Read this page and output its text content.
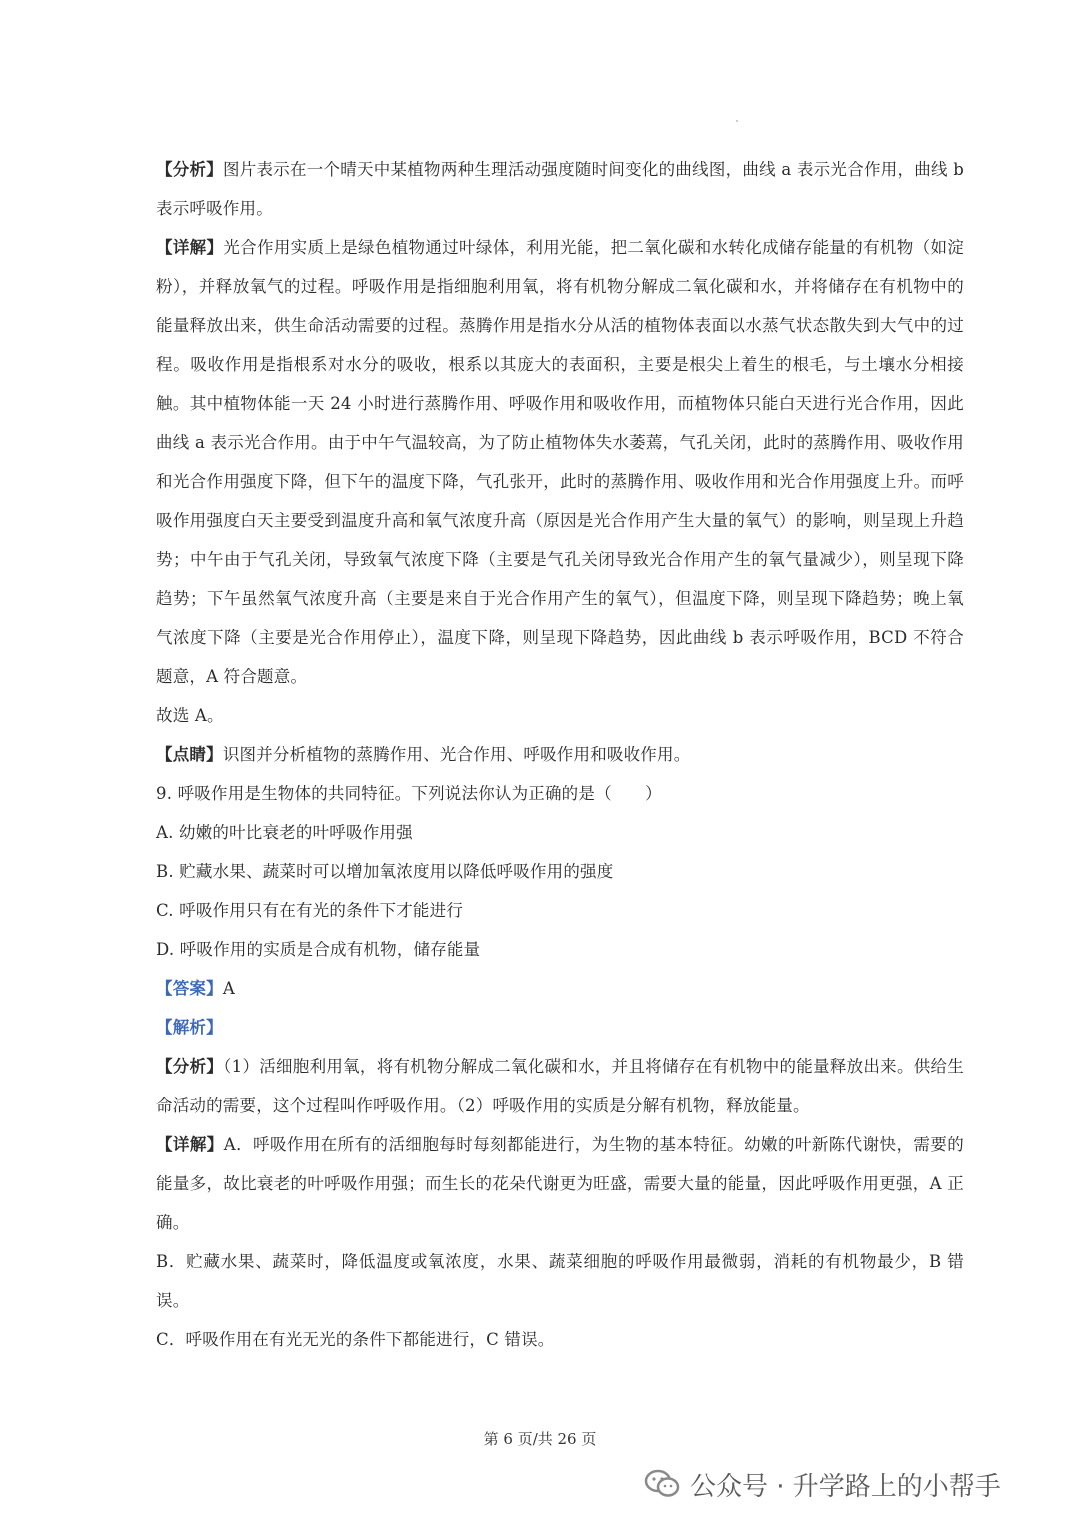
【分析】图片表示在一个晴天中某植物两种生理活动强度随时间变化的曲线图，曲线 a 表示光合作用，曲线 b 表示呼吸作用。

【详解】光合作用实质上是绿色植物通过叶绿体，利用光能，把二氧化碳和水转化成储存能量的有机物（如淀粉），并释放氧气的过程。呼吸作用是指细胞利用氧，将有机物分解成二氧化碳和水，并将储存在有机物中的能量释放出来，供生命活动需要的过程。蒸腾作用是指水分从活的植物体表面以水蒸气状态散失到大气中的过程。吸收作用是指根系对水分的吸收，根系以其庞大的表面积，主要是根尖上着生的根毛，与土壤水分相接触。其中植物体能一天 24 小时进行蒸腾作用、呼吸作用和吸收作用，而植物体只能白天进行光合作用，因此曲线 a 表示光合作用。由于中午气温较高，为了防止植物体失水萎蔫，气孔关闭，此时的蒸腾作用、吸收作用和光合作用强度下降，但下午的温度下降，气孔张开，此时的蒸腾作用、吸收作用和光合作用强度上升。而呼吸作用强度白天主要受到温度升高和氧气浓度升高（原因是光合作用产生大量的氧气）的影响，则呈现上升趋势；中午由于气孔关闭，导致氧气浓度下降（主要是气孔关闭导致光合作用产生的氧气量减少），则呈现下降趋势；下午虽然氧气浓度升高（主要是来自于光合作用产生的氧气），但温度下降，则呈现下降趋势；晚上氧气浓度下降（主要是光合作用停止），温度下降，则呈现下降趋势，因此曲线 b 表示呼吸作用，BCD 不符合题意，A 符合题意。

故选 A。

【点睛】识图并分析植物的蒸腾作用、光合作用、呼吸作用和吸收作用。

9. 呼吸作用是生物体的共同特征。下列说法你认为正确的是（　　）

A. 幼嫩的叶比衰老的叶呼吸作用强

B. 贮藏水果、蔬菜时可以增加氧浓度用以降低呼吸作用的强度

C. 呼吸作用只有在有光的条件下才能进行

D. 呼吸作用的实质是合成有机物，储存能量

【答案】A

【解析】

【分析】（1）活细胞利用氧，将有机物分解成二氧化碳和水，并且将储存在有机物中的能量释放出来。供给生命活动的需要，这个过程叫作呼吸作用。（2）呼吸作用的实质是分解有机物，释放能量。

【详解】A．呼吸作用在所有的活细胞每时每刻都能进行，为生物的基本特征。幼嫩的叶新陈代谢快，需要的能量多，故比衰老的叶呼吸作用强；而生长的花朵代谢更为旺盛，需要大量的能量，因此呼吸作用更强，A 正确。

B．贮藏水果、蔬菜时，降低温度或氧浓度，水果、蔬菜细胞的呼吸作用最微弱，消耗的有机物最少，B 错误。

C．呼吸作用在有光无光的条件下都能进行，C 错误。

第 6 页/共 26 页
公众号 · 升学路上的小帮手
